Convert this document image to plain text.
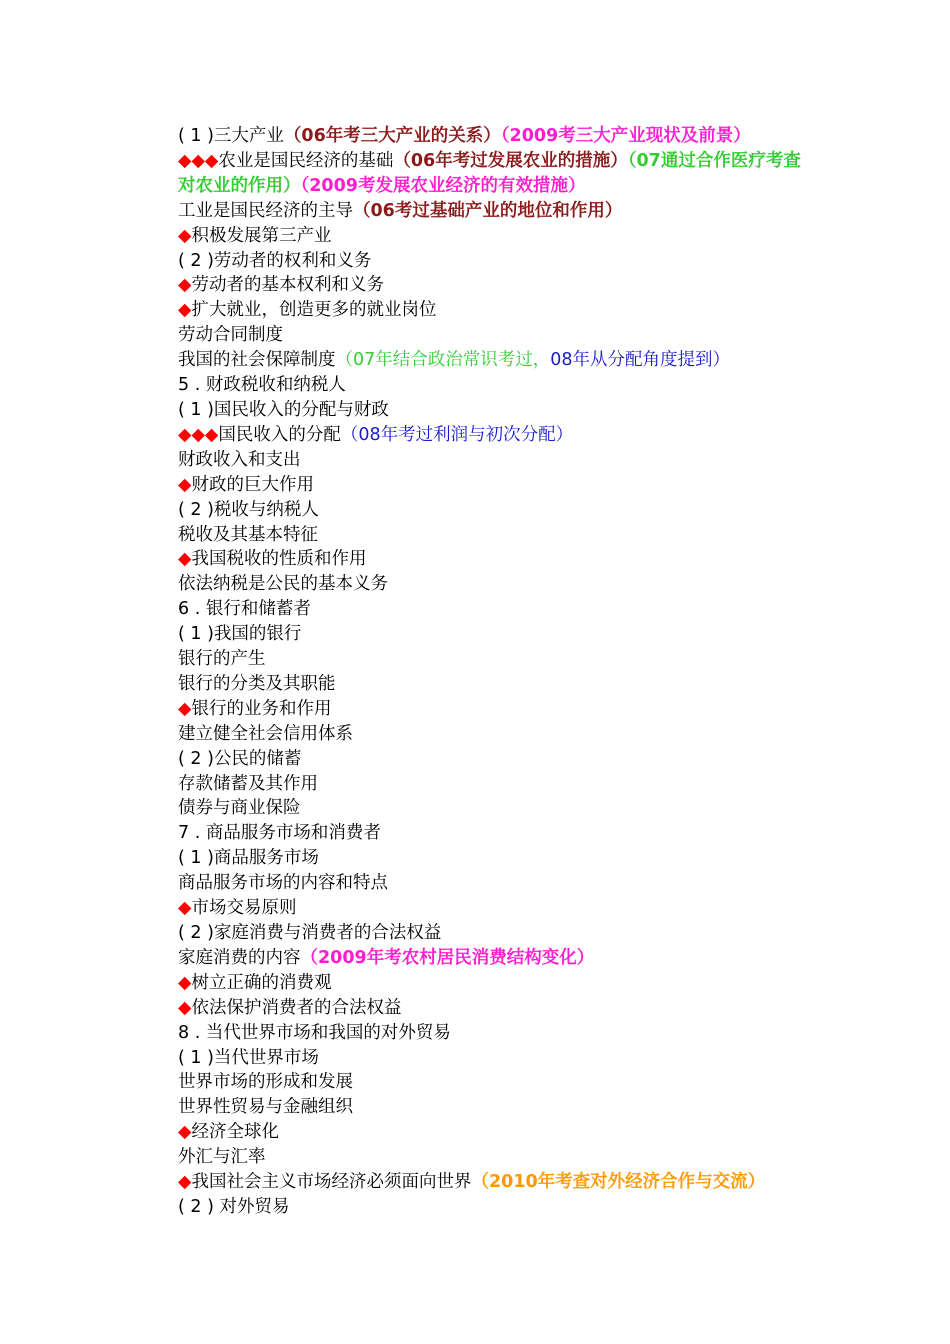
( 1 )三大产业（06年考三大产业的关系）（2009考三大产业现状及前景）
◆◆◆农业是国民经济的基础（06年考过发展农业的措施）（07通过合作医疗考查对农业的作用）（2009考发展农业经济的有效措施）
工业是国民经济的主导（06考过基础产业的地位和作用）
◆积极发展第三产业
( 2 )劳动者的权利和义务
◆劳动者的基本权利和义务
◆扩大就业，创造更多的就业岗位
劳动合同制度
我国的社会保障制度（07年结合政治常识考过，08年从分配角度提到）
5 . 财政税收和纳税人
( 1 )国民收入的分配与财政
◆◆◆国民收入的分配（08年考过利润与初次分配）
财政收入和支出
◆财政的巨大作用
( 2 )税收与纳税人
税收及其基本特征
◆我国税收的性质和作用
依法纳税是公民的基本义务
6 . 银行和储蓄者
( 1 )我国的银行
银行的产生
银行的分类及其职能
◆银行的业务和作用
建立健全社会信用体系
( 2 )公民的储蓄
存款储蓄及其作用
债券与商业保险
7 . 商品服务市场和消费者
( 1 )商品服务市场
商品服务市场的内容和特点
◆市场交易原则
( 2 )家庭消费与消费者的合法权益
家庭消费的内容（2009年考农村居民消费结构变化）
◆树立正确的消费观
◆依法保护消费者的合法权益
8 . 当代世界市场和我国的对外贸易
( 1 )当代世界市场
世界市场的形成和发展
世界性贸易与金融组织
◆经济全球化
外汇与汇率
◆我国社会主义市场经济必须面向世界（2010年考查对外经济合作与交流）
( 2 ) 对外贸易
